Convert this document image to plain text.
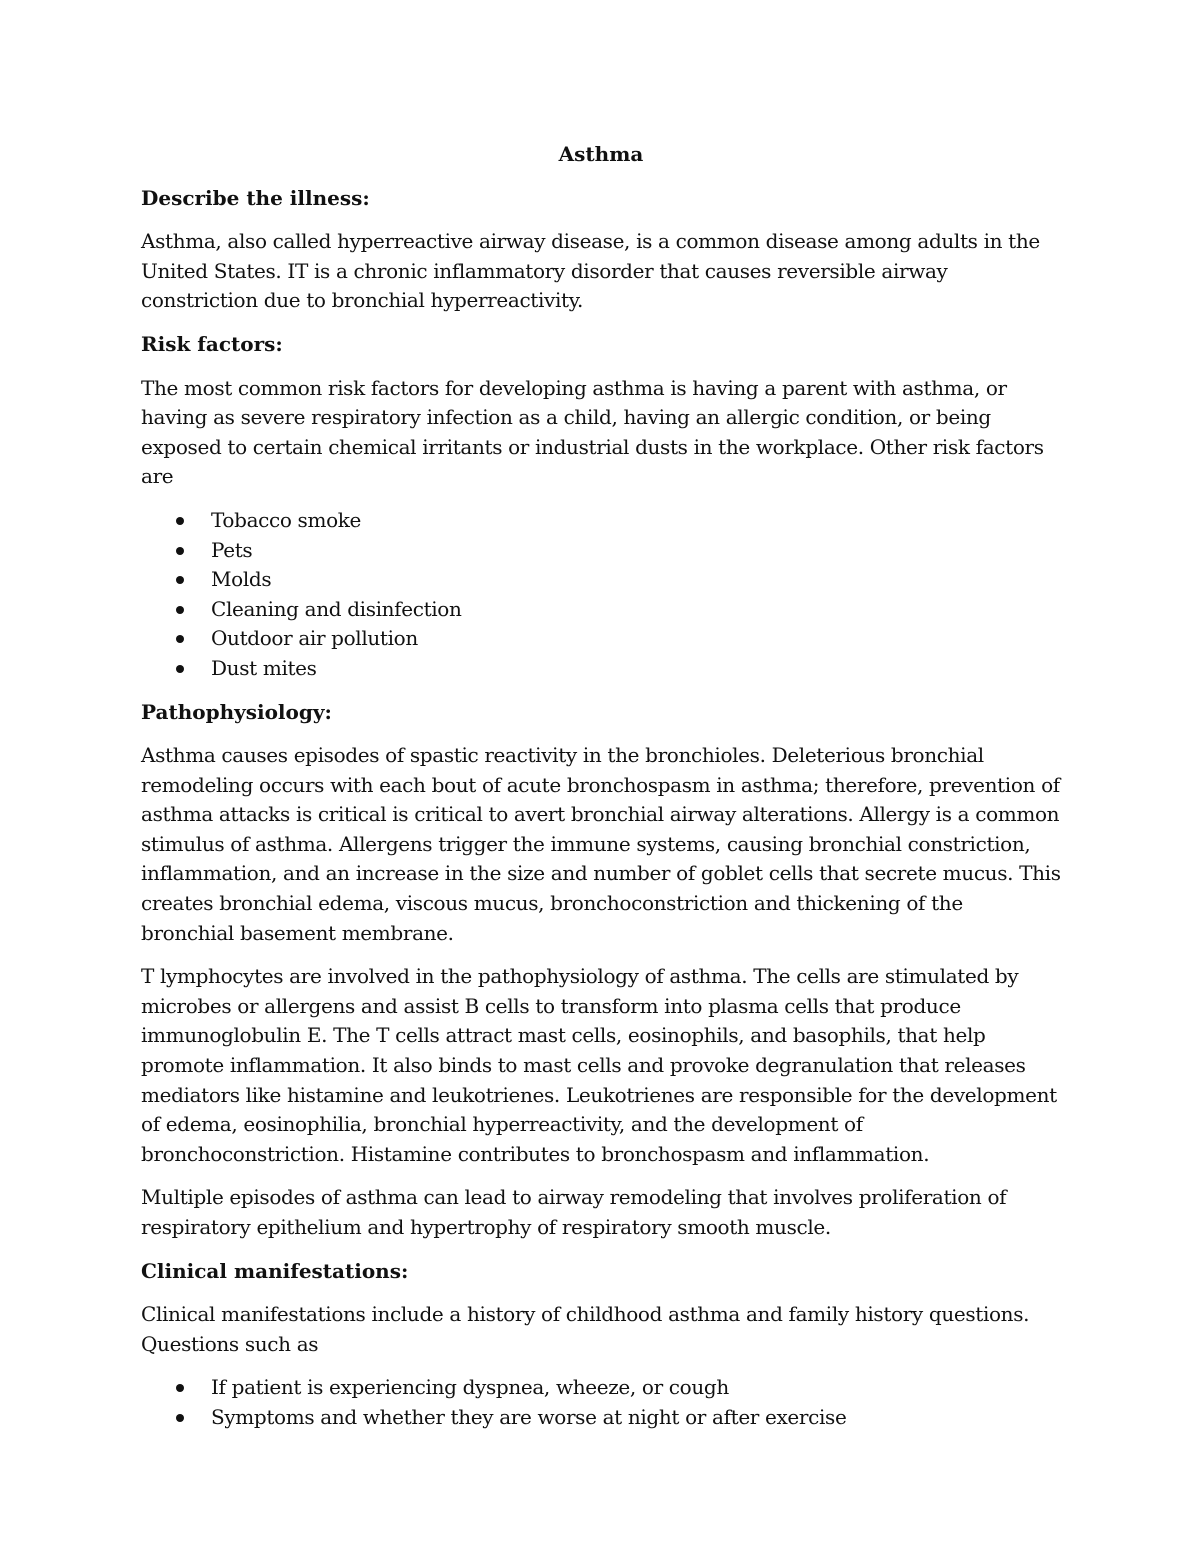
Asthma
Describe the illness:

Asthma, also called hyperreactive airway disease, is a common disease among adults in the United States. IT is a chronic inflammatory disorder that causes reversible airway constriction due to bronchial hyperreactivity.

Risk factors:

The most common risk factors for developing asthma is having a parent with asthma, or having as severe respiratory infection as a child, having an allergic condition, or being exposed to certain chemical irritants or industrial dusts in the workplace. Other risk factors are

Tobacco smoke
Pets
Molds
Cleaning and disinfection
Outdoor air pollution
Dust mites
Pathophysiology:

Asthma causes episodes of spastic reactivity in the bronchioles. Deleterious bronchial remodeling occurs with each bout of acute bronchospasm in asthma; therefore, prevention of asthma attacks is critical is critical to avert bronchial airway alterations. Allergy is a common stimulus of asthma. Allergens trigger the immune systems, causing bronchial constriction, inflammation, and an increase in the size and number of goblet cells that secrete mucus. This creates bronchial edema, viscous mucus, bronchoconstriction and thickening of the bronchial basement membrane.

T lymphocytes are involved in the pathophysiology of asthma. The cells are stimulated by microbes or allergens and assist B cells to transform into plasma cells that produce immunoglobulin E. The T cells attract mast cells, eosinophils, and basophils, that help promote inflammation. It also binds to mast cells and provoke degranulation that releases mediators like histamine and leukotrienes. Leukotrienes are responsible for the development of edema, eosinophilia, bronchial hyperreactivity, and the development of bronchoconstriction. Histamine contributes to bronchospasm and inflammation.

Multiple episodes of asthma can lead to airway remodeling that involves proliferation of respiratory epithelium and hypertrophy of respiratory smooth muscle.

Clinical manifestations:

Clinical manifestations include a history of childhood asthma and family history questions. Questions such as

If patient is experiencing dyspnea, wheeze, or cough
Symptoms and whether they are worse at night or after exercise
